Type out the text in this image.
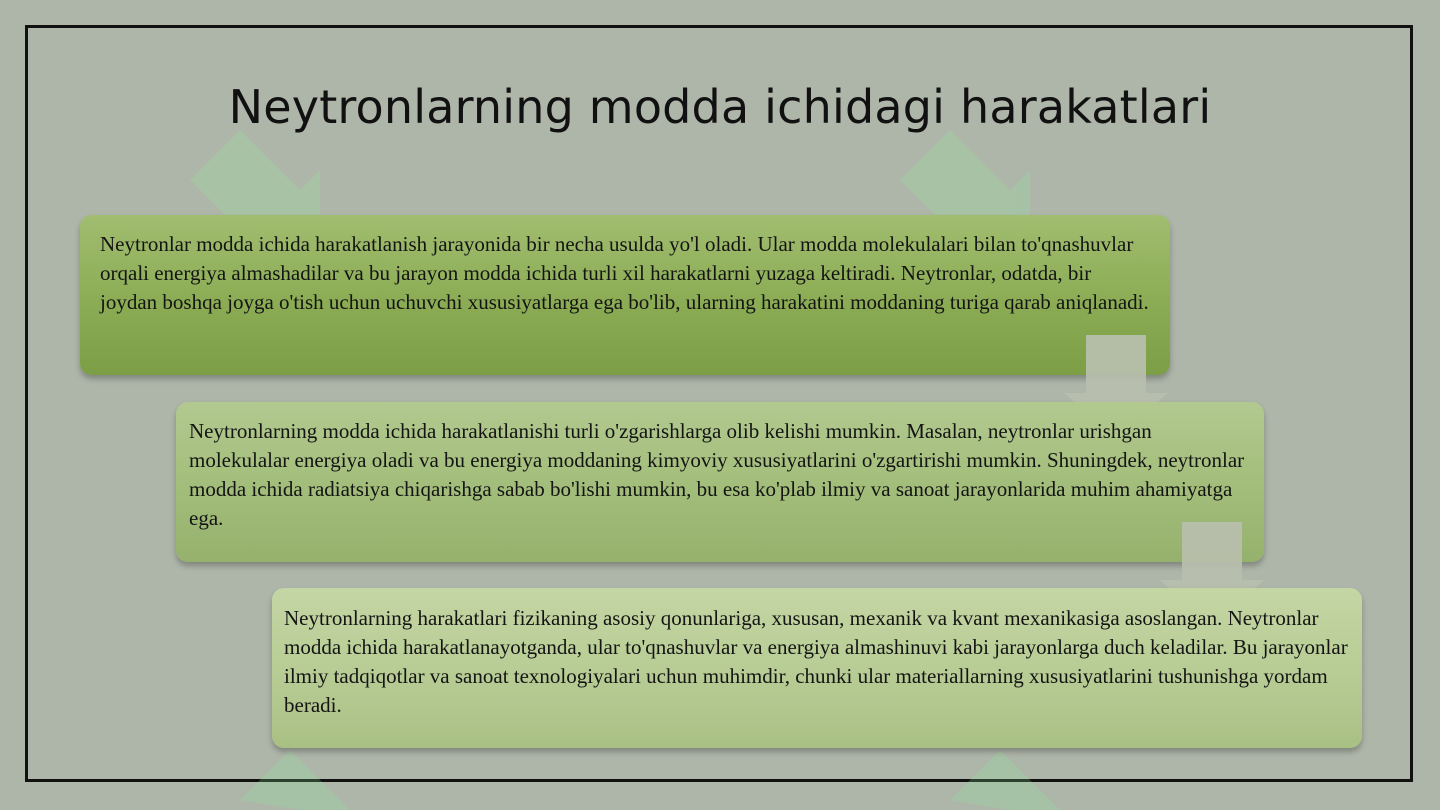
Neytronlarning modda ichidagi harakatlari

Neytronlar modda ichida harakatlanish jarayonida bir necha usulda yo'l oladi. Ular modda molekulalari bilan to'qnashuvlar orqali energiya almashadilar va bu jarayon modda ichida turli xil harakatlarni yuzaga keltiradi. Neytronlar, odatda, bir joydan boshqa joyga o'tish uchun uchuvchi xususiyatlarga ega bo'lib, ularning harakatini moddaning turiga qarab aniqlanadi.

Neytronlarning modda ichida harakatlanishi turli o'zgarishlarga olib kelishi mumkin. Masalan, neytronlar urishgan molekulalar energiya oladi va bu energiya moddaning kimyoviy xususiyatlarini o'zgartirishi mumkin. Shuningdek, neytronlar modda ichida radiatsiya chiqarishga sabab bo'lishi mumkin, bu esa ko'plab ilmiy va sanoat jarayonlarida muhim ahamiyatga ega.

Neytronlarning harakatlari fizikaning asosiy qonunlariga, xususan, mexanik va kvant mexanikasiga asoslangan. Neytronlar modda ichida harakatlanayotganda, ular to'qnashuvlar va energiya almashinuvi kabi jarayonlarga duch keladilar. Bu jarayonlar ilmiy tadqiqotlar va sanoat texnologiyalari uchun muhimdir, chunki ular materiallarning xususiyatlarini tushunishga yordam beradi.
